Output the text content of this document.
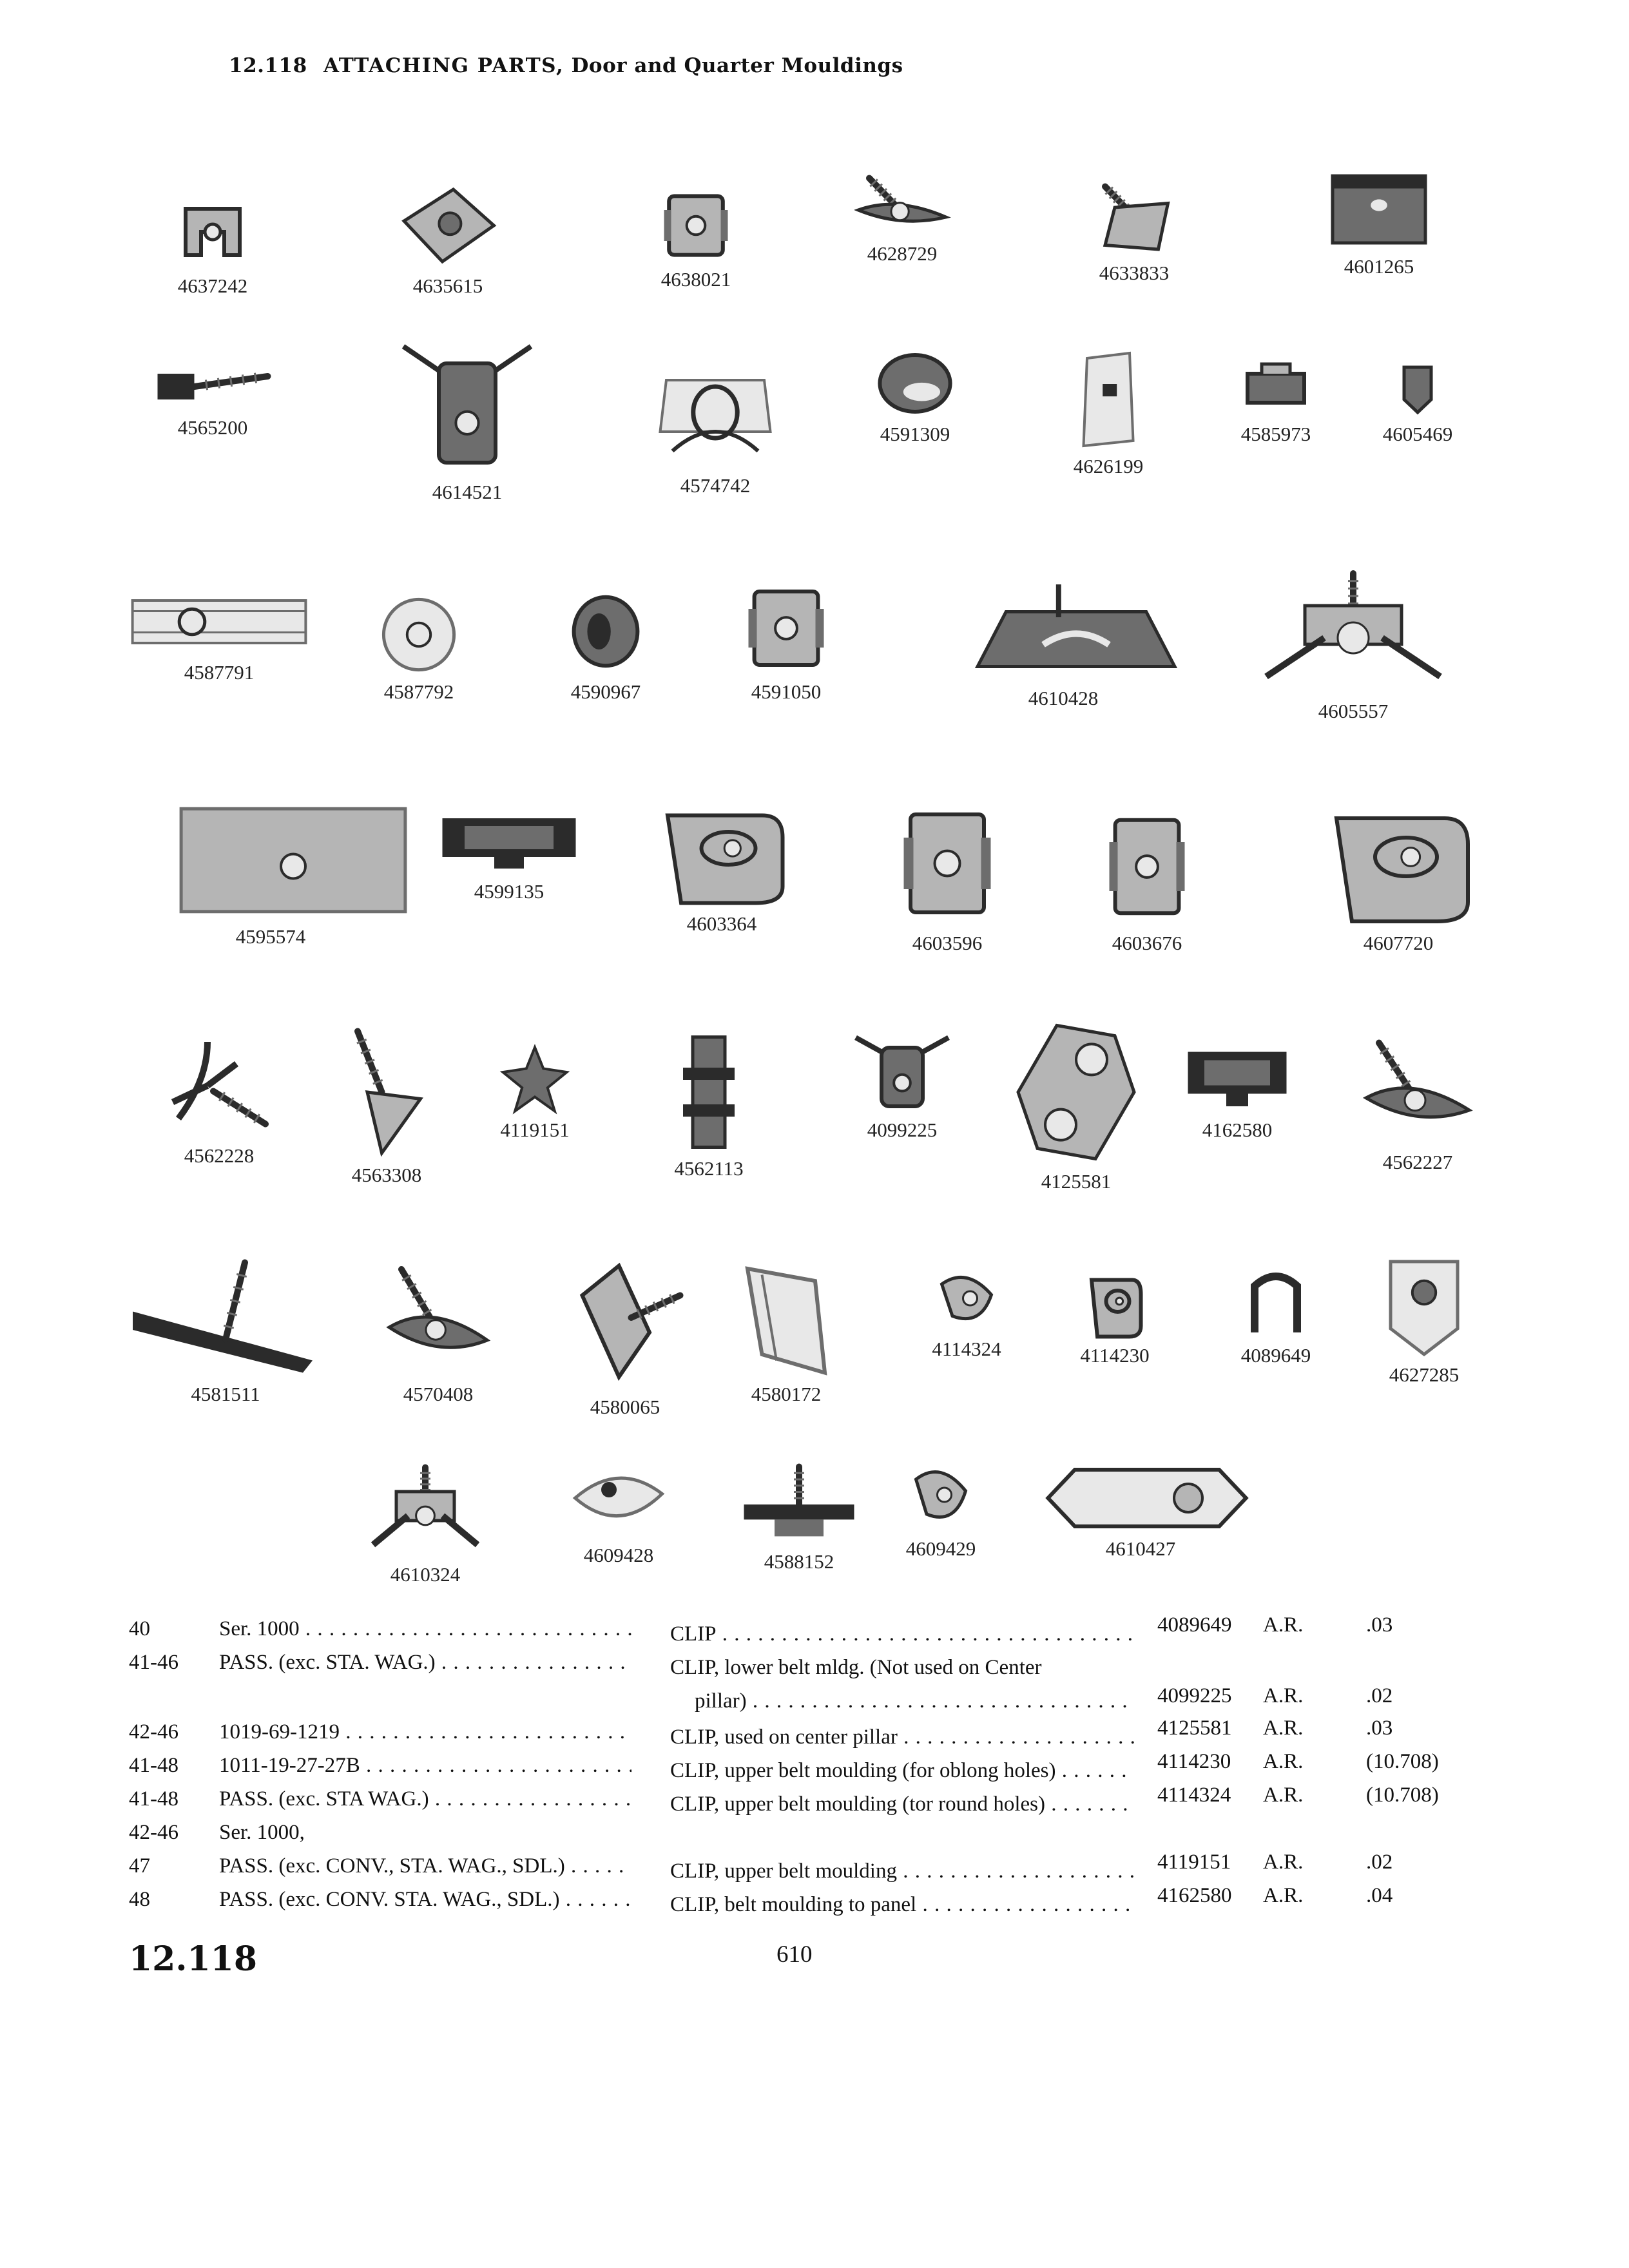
12.118 ATTACHING PARTS, Door and Quarter Mouldings
4637242	4635615	4638021
4628729
4633833	4601265
4565200
4614521	4574742
4591309
4626199
4585973	4605469
4587791
4587792	4590967	4591050	4610428
4605557
4595574
4599135
4603364
4603596	4603676	4607720
4562228
4563308
4119151
4562113
4099225
4125581
4162580
4562227
4581511	4570408
4580065
4580172
4114324	4114230	4089649
4627285
4610324
4609428	4588152
4609429	4610427
40	Ser. 1000 . . .	CLIP . . .	4089649 A.R.	.03
41-46 PASS. (exc. STA. WAG.) . . .	CLIP, lower belt mldg. (Not used on Center
pillar) . . .	4099225 A.R.	.02
42-46 1019-69-1219 . . .	CLIP, used on center pillar . . .	4125581 A.R.	.03
41-48 1011-19-27-27B . . .	CLIP, upper belt moulding (for oblong holes) . . .	4114230 A.R.	(10.708)
41-48 PASS. (exc. STA WAG.) . . .	CLIP, upper belt moulding (tor round holes) . . .	4114324 A.R.	(10.708)
42-46 Ser. 1000,
47	PASS. (exc. CONV., STA. WAG., SDL.) . . .	CLIP, upper belt moulding . . .	4119151 A.R.	.02
48	PASS. (exc. CONV. STA. WAG., SDL.) . . .	CLIP, belt moulding to panel . . .	4162580 A.R.	.04
12.118	610
